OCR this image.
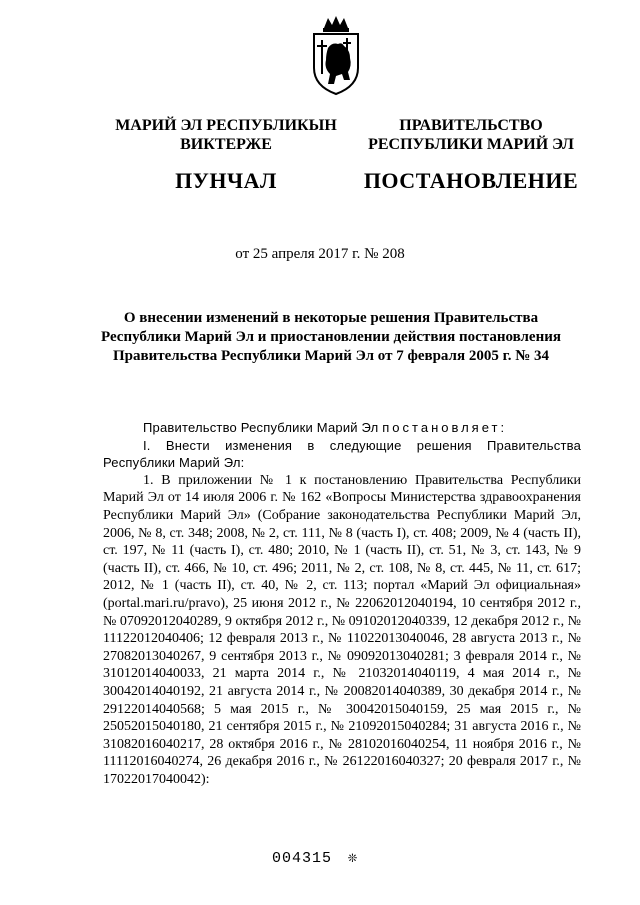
МАРИЙ ЭЛ РЕСПУБЛИКЫН
ВИКТЕРЖЕ
ПУНЧАЛ
ПРАВИТЕЛЬСТВО
РЕСПУБЛИКИ МАРИЙ ЭЛ
ПОСТАНОВЛЕНИЕ
от 25 апреля 2017 г. № 208
О внесении изменений в некоторые решения Правительства
Республики Марий Эл и приостановлении действия постановления
Правительства Республики Марий Эл от 7 февраля 2005 г. № 34

Правительство Республики Марий Эл постановляет:

I. Внести изменения в следующие решения Правительства Республики Марий Эл:

1. В приложении № 1 к постановлению Правительства Республики Марий Эл от 14 июля 2006 г. № 162 «Вопросы Министерства здравоохранения Республики Марий Эл» (Собрание законодательства Республики Марий Эл, 2006, № 8, ст. 348; 2008, № 2, ст. 111, № 8 (часть I), ст. 408; 2009, № 4 (часть II), ст. 197, № 11 (часть I), ст. 480; 2010, № 1 (часть II), ст. 51, № 3, ст. 143, № 9 (часть II), ст. 466, № 10, ст. 496; 2011, № 2, ст. 108, № 8, ст. 445, № 11, ст. 617; 2012, № 1 (часть II), ст. 40, № 2, ст. 113; портал «Марий Эл официальная» (portal.mari.ru/pravo), 25 июня 2012 г., № 22062012040194, 10 сентября 2012 г., № 07092012040289, 9 октября 2012 г., № 09102012040339, 12 декабря 2012 г., № 11122012040406; 12 февраля 2013 г., № 11022013040046, 28 августа 2013 г., № 27082013040267, 9 сентября 2013 г., № 09092013040281; 3 февраля 2014 г., № 31012014040033, 21 марта 2014 г., № 21032014040119, 4 мая 2014 г., № 30042014040192, 21 августа 2014 г., № 20082014040389, 30 декабря 2014 г., № 29122014040568; 5 мая 2015 г., № 30042015040159, 25 мая 2015 г., № 25052015040180, 21 сентября 2015 г., № 21092015040284; 31 августа 2016 г., № 31082016040217, 28 октября 2016 г., № 28102016040254, 11 ноября 2016 г., № 11112016040274, 26 декабря 2016 г., № 26122016040327; 20 февраля 2017 г., № 17022017040042):

004315 ❊
